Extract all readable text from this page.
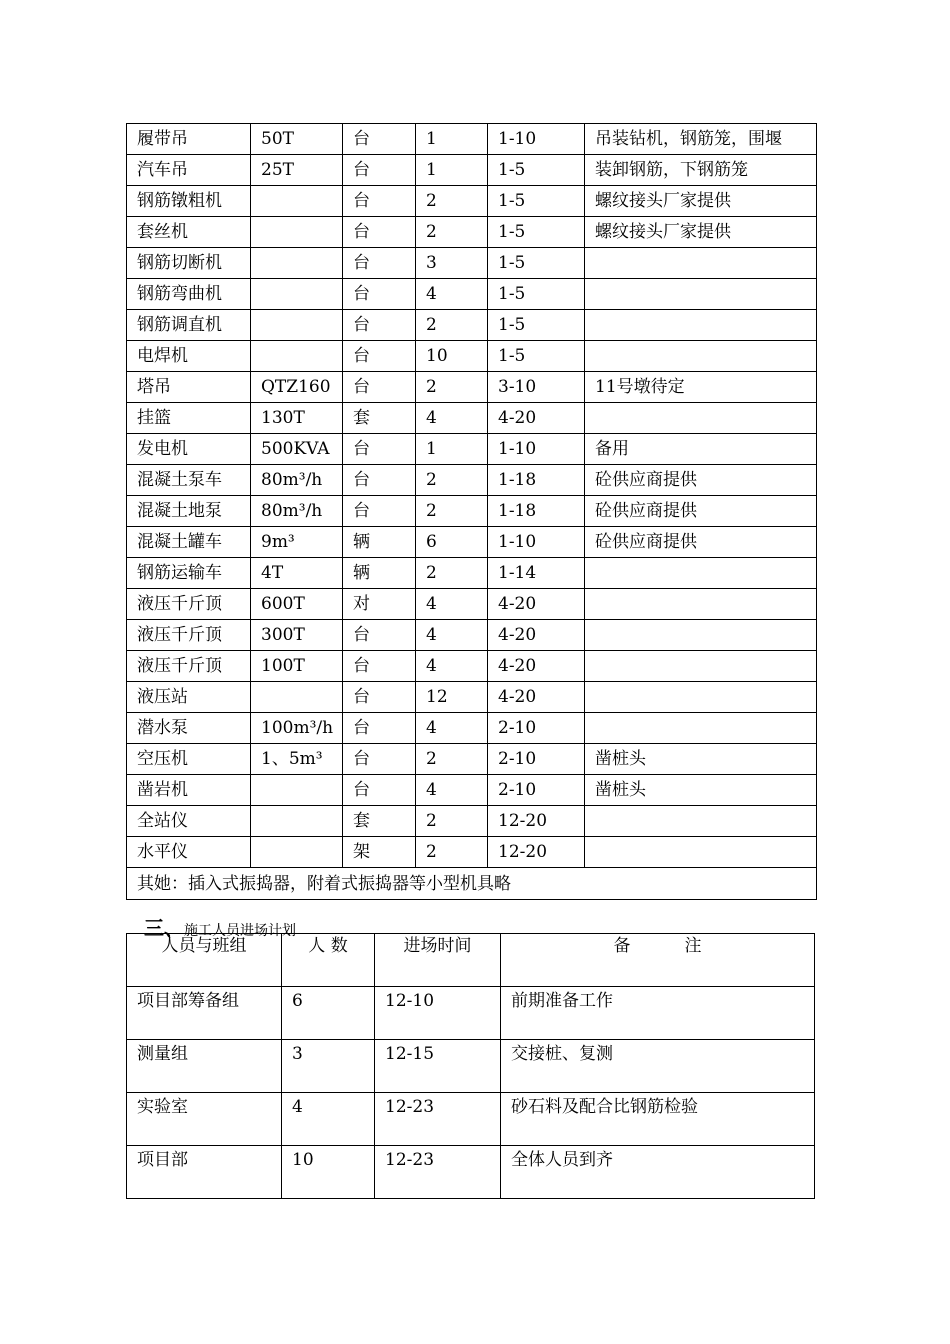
履带吊	50T	台	1	1-10	吊装钻机，钢筋笼，围堰
汽车吊	25T	台	1	1-5	装卸钢筋，下钢筋笼
钢筋镦粗机		台	2	1-5	螺纹接头厂家提供
套丝机		台	2	1-5	螺纹接头厂家提供
钢筋切断机		台	3	1-5	
钢筋弯曲机		台	4	1-5	
钢筋调直机		台	2	1-5	
电焊机		台	10	1-5	
塔吊	QTZ160	台	2	3-10	11号墩待定
挂篮	130T	套	4	4-20	
发电机	500KVA	台	1	1-10	备用
混凝土泵车	80m³/h	台	2	1-18	砼供应商提供
混凝土地泵	80m³/h	台	2	1-18	砼供应商提供
混凝土罐车	9m³	辆	6	1-10	砼供应商提供
钢筋运输车	4T	辆	2	1-14	
液压千斤顶	600T	对	4	4-20	
液压千斤顶	300T	台	4	4-20	
液压千斤顶	100T	台	4	4-20	
液压站		台	12	4-20	
潜水泵	100m³/h	台	4	2-10	
空压机	1、5m³	台	2	2-10	凿桩头
凿岩机		台	4	2-10	凿桩头
全站仪		套	2	12-20	
水平仪		架	2	12-20	
其她：插入式振捣器，附着式振捣器等小型机具略					
三、施工人员进场计划
人员与班组	人 数	进场时间	备          注
项目部筹备组	6	12-10	前期准备工作
测量组	3	12-15	交接桩、复测
实验室	4	12-23	砂石料及配合比钢筋检验
项目部	10	12-23	全体人员到齐
